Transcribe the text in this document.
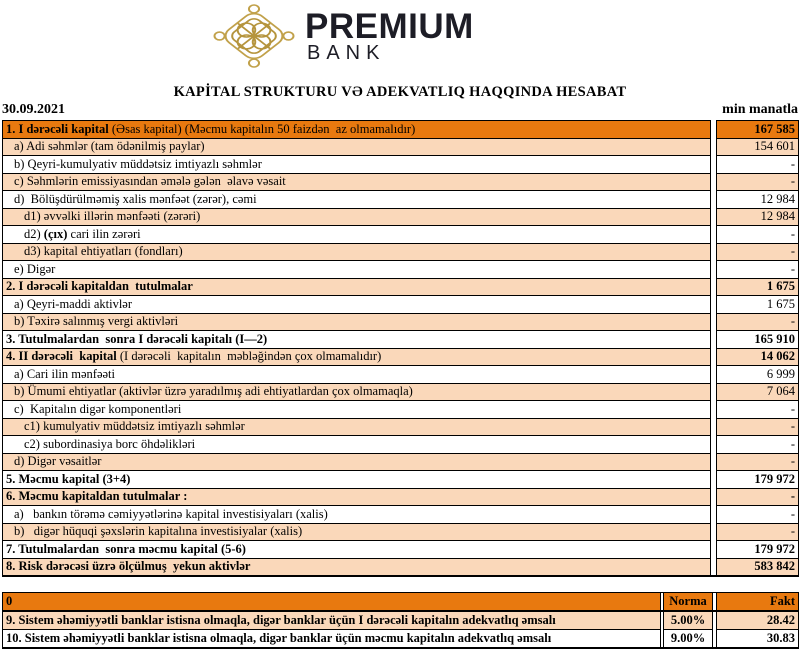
PREMIUM
BANK
KAPİTAL STRUKTURU VƏ ADEKVATLIQ HAQQINDA HESABAT
30.09.2021	min manatla
1. I dərəcəli kapital (Əsas kapital) (Məcmu kapitalın 50 faizdən  az olmamalıdır)		167 585
a) Adi səhmlər (tam ödənilmiş paylar)		154 601
b) Qeyri-kumulyativ müddətsiz imtiyazlı səhmlər		-
c) Səhmlərin emissiyasından əmələ gələn  əlavə vəsait		-
d)  Bölüşdürülməmiş xalis mənfəət (zərər), cəmi		12 984
d1) əvvəlki illərin mənfəəti (zərəri)		12 984
d2) (çıx) cari ilin zərəri		-
d3) kapital ehtiyatları (fondları)		-
e) Digər		-
2. I dərəcəli kapitaldan  tutulmalar		1 675
a) Qeyri-maddi aktivlər		1 675
b) Təxirə salınmış vergi aktivləri		-
3. Tutulmalardan  sonra I dərəcəli kapitalı (I—2)		165 910
4. II dərəcəli  kapital (I dərəcəli  kapitalın  məbləğindən çox olmamalıdır)		14 062
a) Cari ilin mənfəəti		6 999
b) Ümumi ehtiyatlar (aktivlər üzrə yaradılmış adi ehtiyatlardan çox olmamaqla)		7 064
c)  Kapitalın digər komponentləri		-
c1) kumulyativ müddətsiz imtiyazlı səhmlər		-
c2) subordinasiya borc öhdəlikləri		-
d) Digər vəsaitlər		-
5. Məcmu kapital (3+4)		179 972
6. Məcmu kapitaldan tutulmalar :		-
a)   bankın törəmə cəmiyyətlərinə kapital investisiyaları (xalis)		-
b)   digər hüquqi şəxslərin kapitalına investisiyalar (xalis)		-
7. Tutulmalardan  sonra məcmu kapital (5-6)		179 972
8. Risk dərəcəsi üzrə ölçülmuş  yekun aktivlər		583 842
0		Norma		Fakt
9. Sistem əhəmiyyətli banklar istisna olmaqla, digər banklar üçün I dərəcəli kapitalın adekvatlıq əmsalı		5.00%		28.42
10. Sistem əhəmiyyətli banklar istisna olmaqla, digər banklar üçün məcmu kapitalın adekvatlıq əmsalı		9.00%		30.83
